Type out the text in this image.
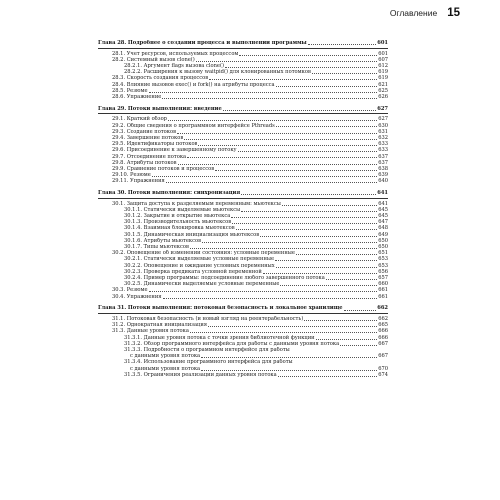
Оглавление 15
Глава 28. Подробнее о создании процесса и выполнении программы	601
28.1. Учет ресурсов, используемых процессом	601
28.2. Системный вызов clone()	607
28.2.1. Аргумент flags вызова clone()	612
28.2.2. Расширения к вызову waitpid() для клонированных потомков	619
28.3. Скорость создания процессов	619
28.4. Влияние вызовов exec() и fork() на атрибуты процесса	621
28.5. Резюме	625
28.6. Упражнение	626
Глава 29. Потоки выполнения: введение	627
29.1. Краткий обзор	627
29.2. Общие сведения о программном интерфейсе Pthreads	630
29.3. Создание потоков	631
29.4. Завершение потоков	632
29.5. Идентификаторы потоков	633
29.6. Присоединение к завершенному потоку	633
29.7. Отсоединение потока	637
29.8. Атрибуты потоков	637
29.9. Сравнение потоков и процессов	638
29.10. Резюме	639
29.11. Упражнения	640
Глава 30. Потоки выполнения: синхронизация	641
30.1. Защита доступа к разделяемым переменным: мьютексы	641
30.1.1. Статически выделяемые мьютексы	645
30.1.2. Закрытие и открытие мьютекса	645
30.1.3. Производительность мьютексов	647
30.1.4. Взаимная блокировка мьютексов	648
30.1.5. Динамическая инициализация мьютексов	649
30.1.6. Атрибуты мьютексов	650
30.1.7. Типы мьютексов	650
30.2. Оповещение об изменении состояния: условные переменные	651
30.2.1. Статически выделяемые условные переменные	653
30.2.2. Оповещение и ожидание условных переменных	653
30.2.3. Проверка предиката условной переменной	656
30.2.4. Пример программы: подсоединение любого завершенного потока	657
30.2.5. Динамически выделяемые условные переменные	660
30.3. Резюме	661
30.4. Упражнения	661
Глава 31. Потоки выполнения: потоковая безопасность и локальное хранилище	662
31.1. Потоковая безопасность (и новый взгляд на реентерабельность)	662
31.2. Однократная инициализация	665
31.3. Данные уровня потока	666
31.3.1. Данные уровня потока с точки зрения библиотечной функции	666
31.3.2. Обзор программного интерфейса для работы с данными уровня потока	667
31.3.3. Подробности о программном интерфейсе для работы
с данными уровня потока	667
31.3.4. Использование программного интерфейса для работы
с данными уровня потока	670
31.3.5. Ограничения реализации данных уровня потока	674
